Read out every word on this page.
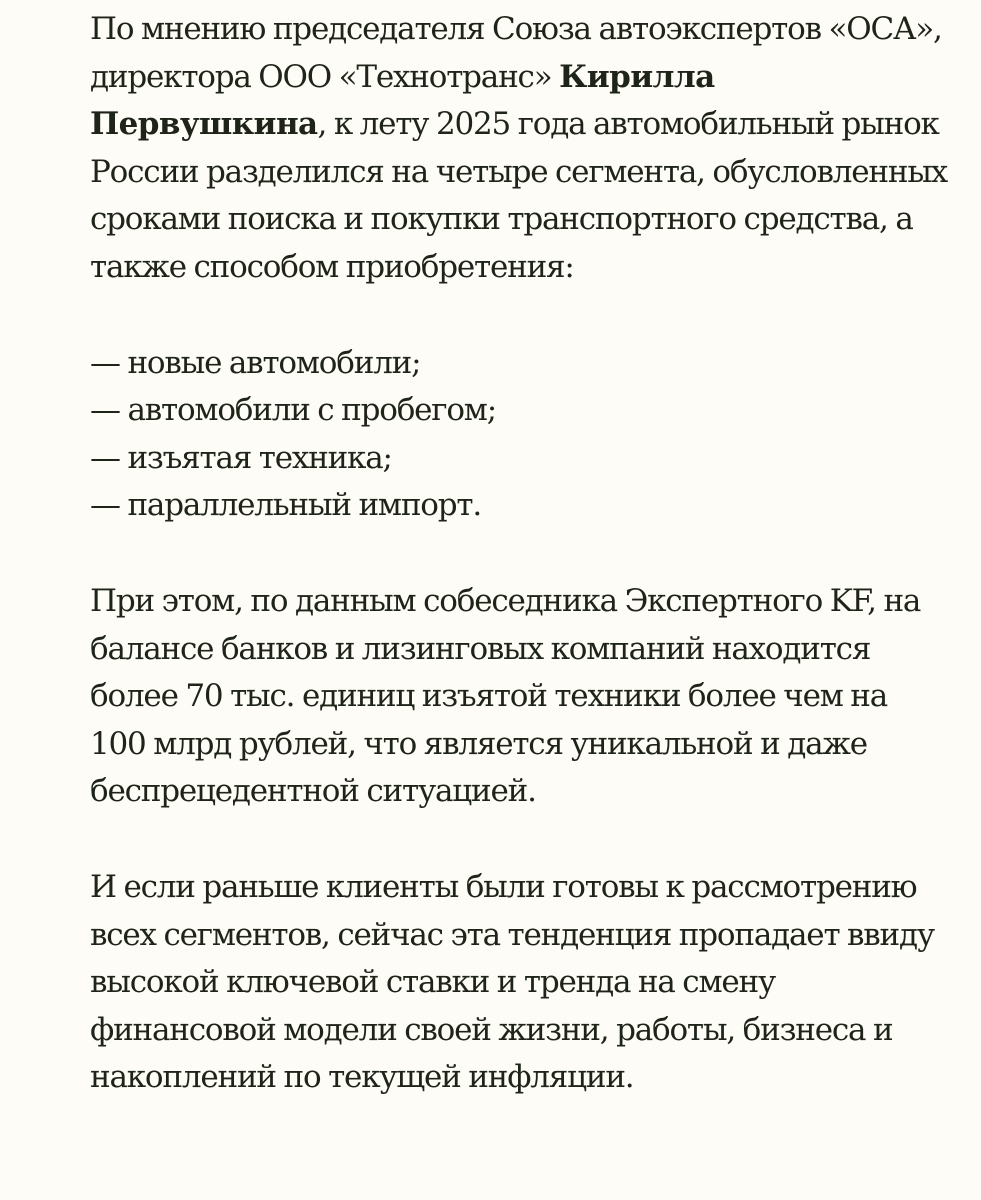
По мнению председателя Союза автоэкспертов «ОСА», директора ООО «Технотранс» Кирилла Первушкина, к лету 2025 года автомобильный рынок России разделился на четыре сегмента, обусловленных сроками поиска и покупки транспортного средства, а также способом приобретения:

— новые автомобили;
— автомобили с пробегом;
— изъятая техника;
— параллельный импорт.

При этом, по данным собеседника Экспертного KF, на балансе банков и лизинговых компаний находится более 70 тыс. единиц изъятой техники более чем на 100 млрд рублей, что является уникальной и даже беспрецедентной ситуацией.

И если раньше клиенты были готовы к рассмотрению всех сегментов, сейчас эта тенденция пропадает ввиду высокой ключевой ставки и тренда на смену финансовой модели своей жизни, работы, бизнеса и накоплений по текущей инфляции.
